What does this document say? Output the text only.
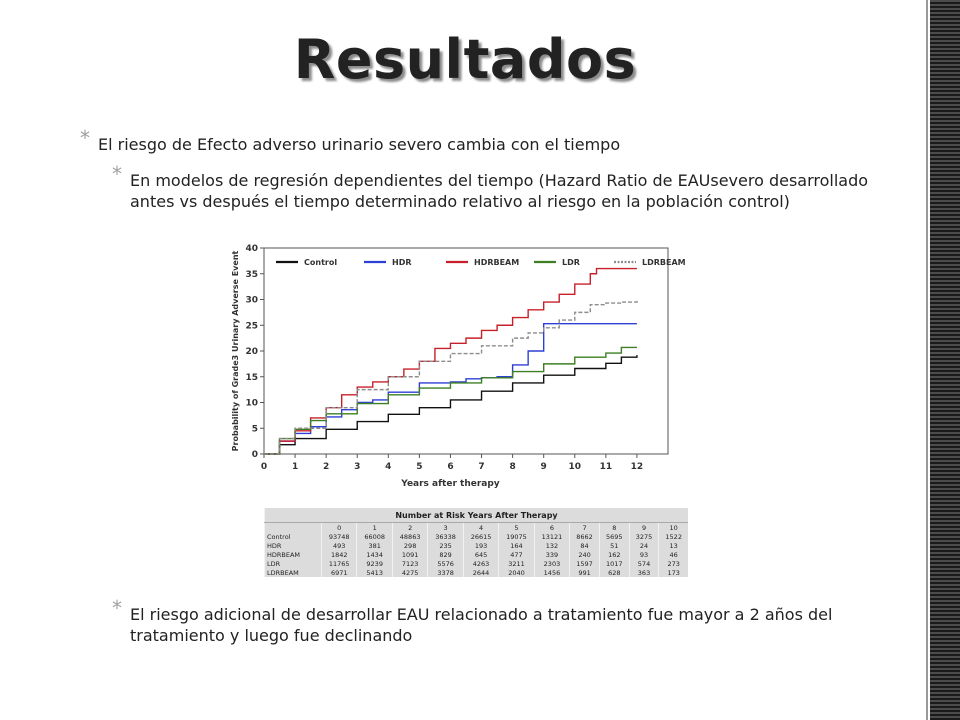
Resultados
* El riesgo de Efecto adverso urinario severo cambia con el tiempo
* En modelos de regresión dependientes del tiempo (Hazard Ratio de EAUsevero desarrollado antes vs después el tiempo determinado relativo al riesgo en la población control)
0
5
10
15
20
25
30
35
40
0	1	2	3	4	5	6	7	8	9 10 11 12
Years after therapy
Probability of Grade3 Urinary Adverse Event	Control	HDR	HDRBEAM	LDR	LDRBEAM
Number at Risk Years After Therapy											
	0	1	2	3	4	5	6	7	8	9	10
Control	93748	66008	48863	36338	26615	19075	13121	8662	5695	3275	1522
HDR	493	381	298	235	193	164	132	84	51	24	13
HDRBEAM	1842	1434	1091	829	645	477	339	240	162	93	46
LDR	11765	9239	7123	5576	4263	3211	2303	1597	1017	574	273
LDRBEAM	6971	5413	4275	3378	2644	2040	1456	991	628	363	173
* El riesgo adicional de desarrollar EAU relacionado a tratamiento fue mayor a 2 años del tratamiento y luego fue declinando
